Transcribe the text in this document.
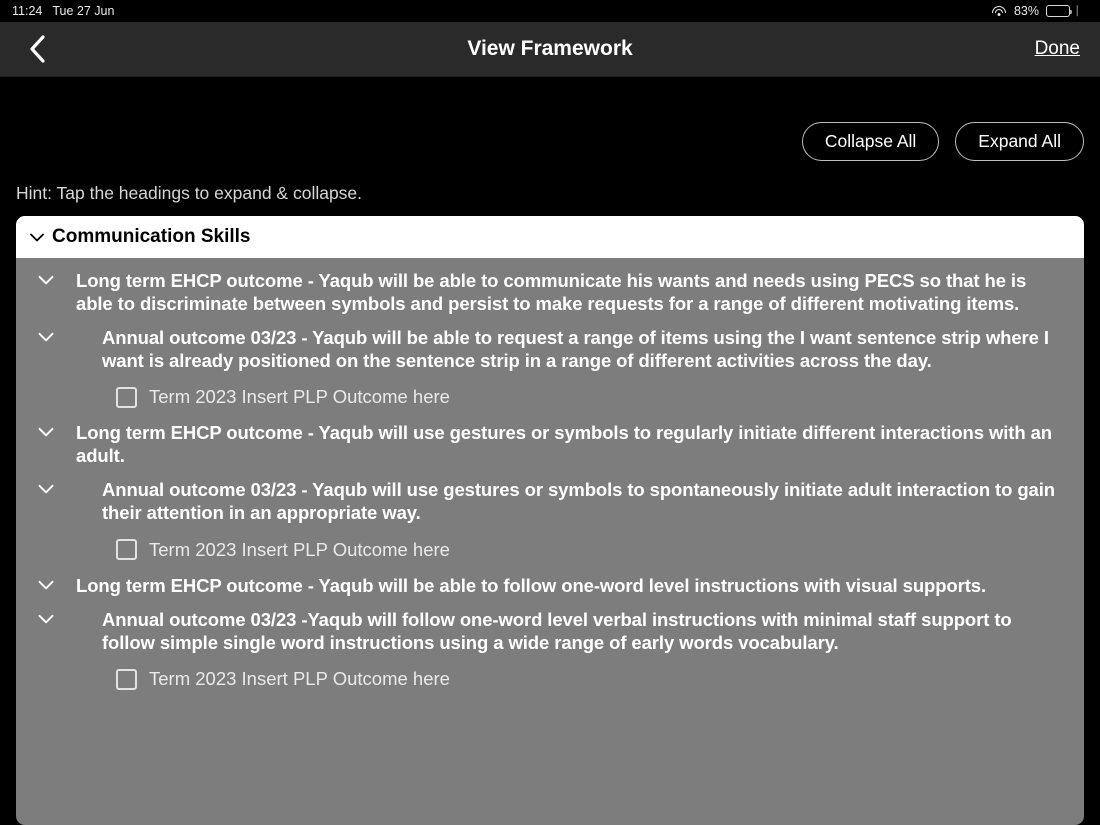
11:24 Tue 27 Jun	83%	⎸
View Framework	Done
Collapse All	Expand All
Hint: Tap the headings to expand & collapse.
Communication Skills
Long term EHCP outcome - Yaqub will be able to communicate his wants and needs using PECS so that he is able to discriminate between symbols and persist to make requests for a range of different motivating items.
Annual outcome 03/23 - Yaqub will be able to request a range of items using the I want sentence strip where I want is already positioned on the sentence strip in a range of different activities across the day.
Term 2023 Insert PLP Outcome here
Long term EHCP outcome - Yaqub will use gestures or symbols to regularly initiate different interactions with an adult.
Annual outcome 03/23 - Yaqub will use gestures or symbols to spontaneously initiate adult interaction to gain their attention in an appropriate way.
Term 2023 Insert PLP Outcome here
Long term EHCP outcome - Yaqub will be able to follow one-word level instructions with visual supports.
Annual outcome 03/23 -Yaqub will follow one-word level verbal instructions with minimal staff support to follow simple single word instructions using a wide range of early words vocabulary.
Term 2023 Insert PLP Outcome here
